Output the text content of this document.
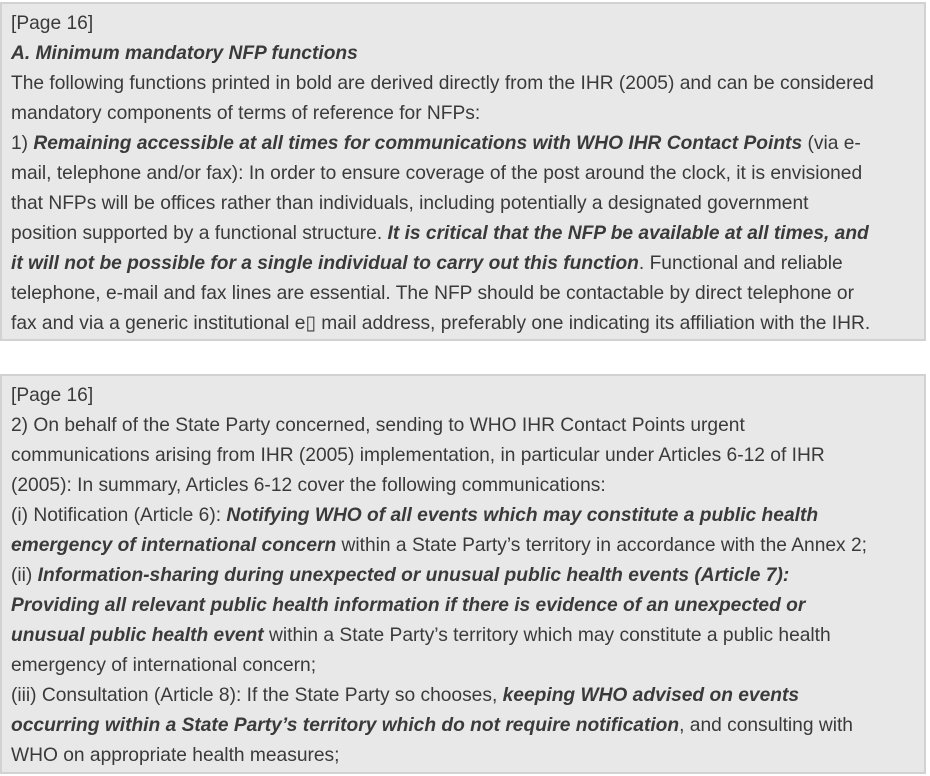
[Page 16]
A. Minimum mandatory NFP functions
The following functions printed in bold are derived directly from the IHR (2005) and can be considered
mandatory components of terms of reference for NFPs:
1) Remaining accessible at all times for communications with WHO IHR Contact Points (via e-
mail, telephone and/or fax): In order to ensure coverage of the post around the clock, it is envisioned
that NFPs will be offices rather than individuals, including potentially a designated government
position supported by a functional structure. It is critical that the NFP be available at all times, and
it will not be possible for a single individual to carry out this function. Functional and reliable
telephone, e-mail and fax lines are essential. The NFP should be contactable by direct telephone or
fax and via a generic institutional e▯ mail address, preferably one indicating its affiliation with the IHR.
[Page 16]
2) On behalf of the State Party concerned, sending to WHO IHR Contact Points urgent
communications arising from IHR (2005) implementation, in particular under Articles 6-12 of IHR
(2005): In summary, Articles 6-12 cover the following communications:
(i) Notification (Article 6): Notifying WHO of all events which may constitute a public health
emergency of international concern within a State Party’s territory in accordance with the Annex 2;
(ii) Information-sharing during unexpected or unusual public health events (Article 7):
Providing all relevant public health information if there is evidence of an unexpected or
unusual public health event within a State Party’s territory which may constitute a public health
emergency of international concern;
(iii) Consultation (Article 8): If the State Party so chooses, keeping WHO advised on events
occurring within a State Party’s territory which do not require notification, and consulting with
WHO on appropriate health measures;
